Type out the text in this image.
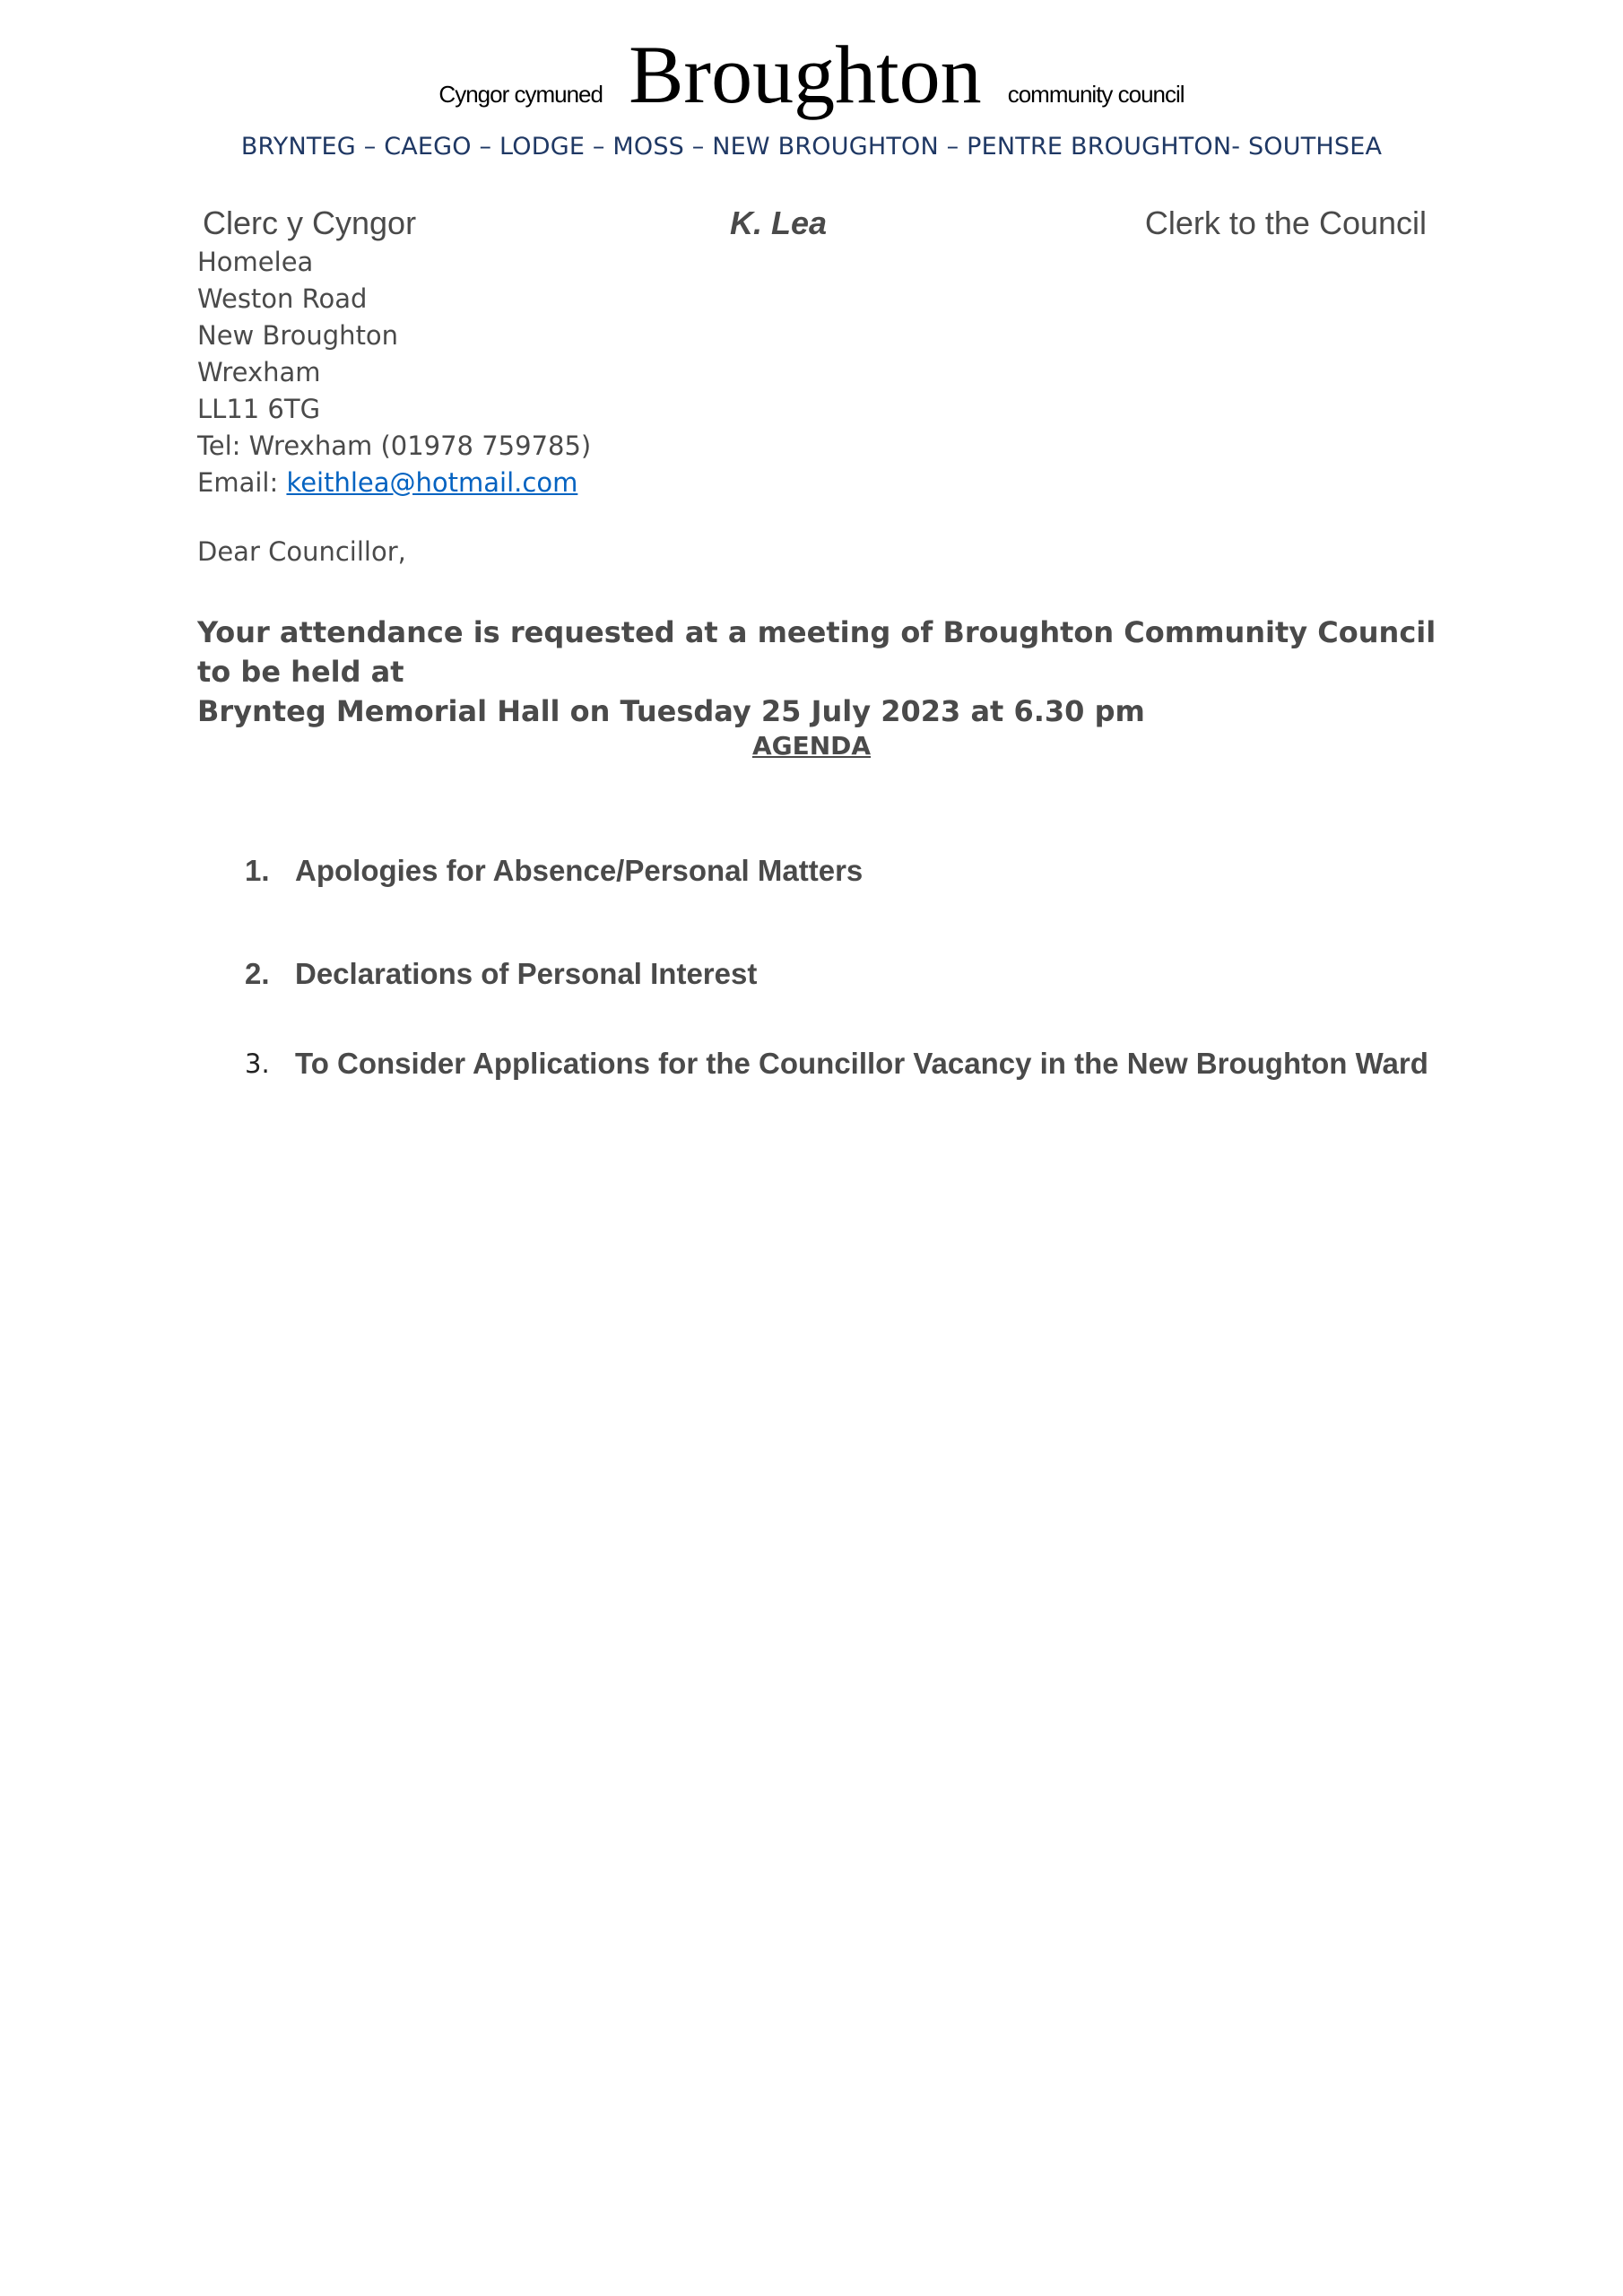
Cyngor cymuned Broughton community council
BRYNTEG – CAEGO – LODGE – MOSS – NEW BROUGHTON – PENTRE BROUGHTON- SOUTHSEA
Clerc y Cyngor	K. Lea	Clerk to the Council
Homelea
Weston Road
New Broughton
Wrexham
LL11 6TG
Tel: Wrexham (01978 759785)
Email: keithlea@hotmail.com
Dear Councillor,
Your attendance is requested at a meeting of Broughton Community Council to be held at
Brynteg Memorial Hall on Tuesday 25 July 2023 at 6.30 pm
AGENDA
1. Apologies for Absence/Personal Matters
2. Declarations of Personal Interest
3. To Consider Applications for the Councillor Vacancy in the New Broughton Ward
